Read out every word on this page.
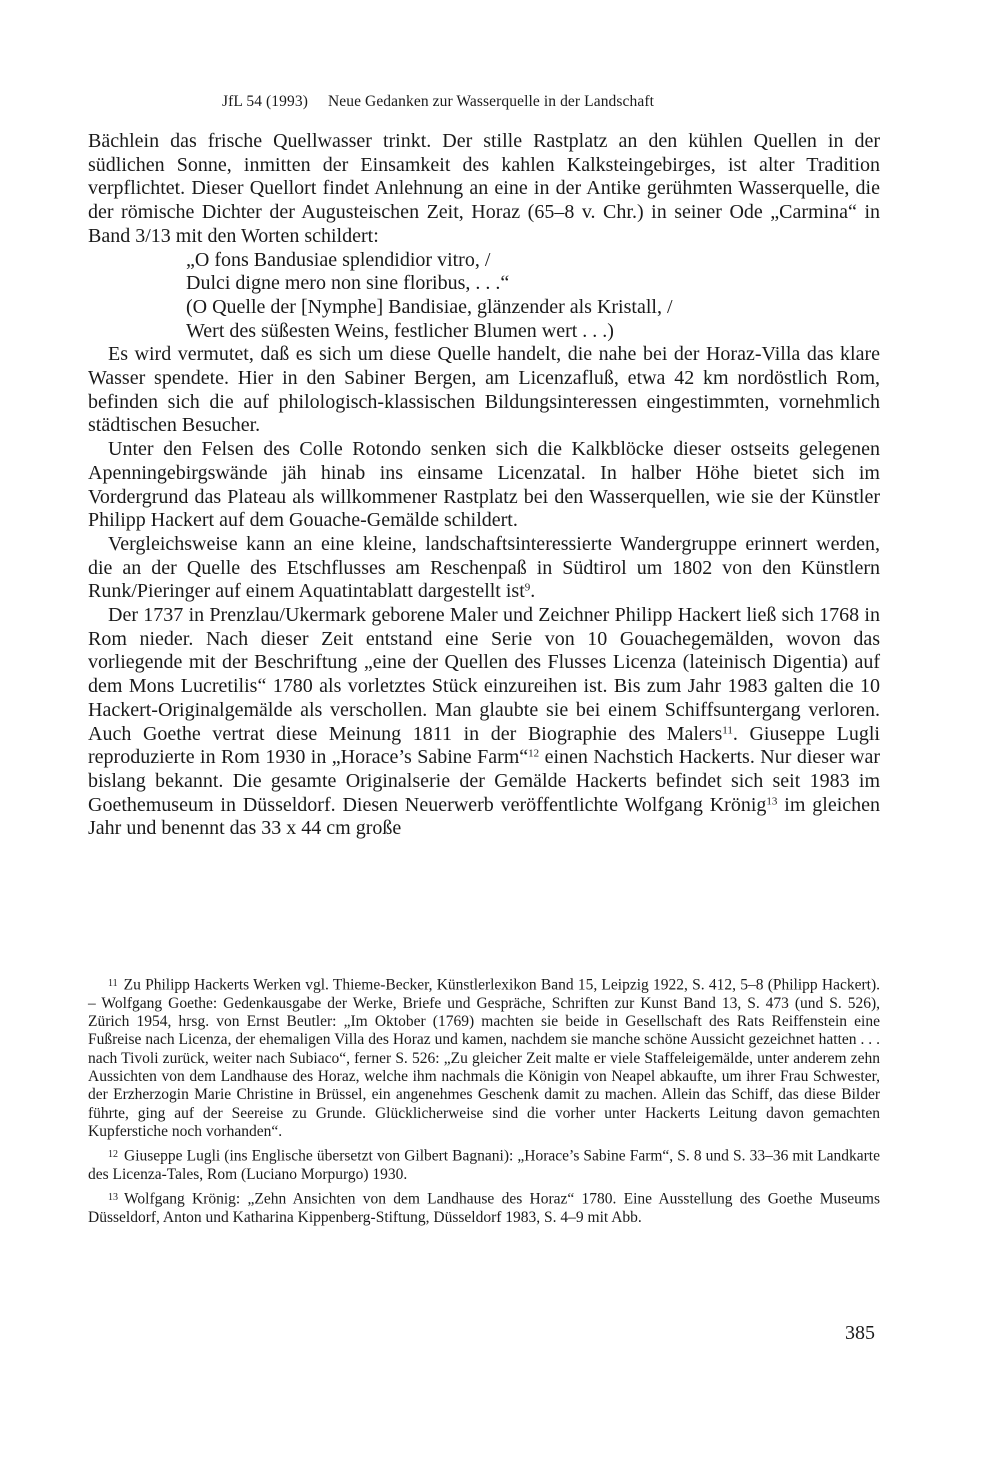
JfL 54 (1993) Neue Gedanken zur Wasserquelle in der Landschaft

Bächlein das frische Quellwasser trinkt. Der stille Rastplatz an den kühlen Quellen in der südlichen Sonne, inmitten der Einsamkeit des kahlen Kalksteingebirges, ist alter Tradition verpflichtet. Dieser Quellort findet Anlehnung an eine in der Antike gerühmten Wasserquelle, die der römische Dichter der Augusteischen Zeit, Horaz (65–8 v. Chr.) in seiner Ode „Carmina“ in Band 3/13 mit den Worten schildert:

„O fons Bandusiae splendidior vitro, /
Dulci digne mero non sine floribus, . . .“
(O Quelle der [Nymphe] Bandisiae, glänzender als Kristall, /
Wert des süßesten Weins, festlicher Blumen wert . . .)

Es wird vermutet, daß es sich um diese Quelle handelt, die nahe bei der Horaz-Villa das klare Wasser spendete. Hier in den Sabiner Bergen, am Licenzafluß, etwa 42 km nordöstlich Rom, befinden sich die auf philologisch-klassischen Bildungsinteressen eingestimmten, vornehmlich städtischen Besucher.

Unter den Felsen des Colle Rotondo senken sich die Kalkblöcke dieser ostseits gelegenen Apenningebirgswände jäh hinab ins einsame Licenzatal. In halber Höhe bietet sich im Vordergrund das Plateau als willkommener Rastplatz bei den Wasserquellen, wie sie der Künstler Philipp Hackert auf dem Gouache-Gemälde schildert.

Vergleichsweise kann an eine kleine, landschaftsinteressierte Wandergruppe erinnert werden, die an der Quelle des Etschflusses am Reschenpaß in Südtirol um 1802 von den Künstlern Runk/Pieringer auf einem Aquatintablatt dargestellt ist$^9$.

Der 1737 in Prenzlau/Ukermark geborene Maler und Zeichner Philipp Hackert ließ sich 1768 in Rom nieder. Nach dieser Zeit entstand eine Serie von 10 Gouachegemälden, wovon das vorliegende mit der Beschriftung „eine der Quellen des Flusses Licenza (lateinisch Digentia) auf dem Mons Lucretilis“ 1780 als vorletztes Stück einzureihen ist. Bis zum Jahr 1983 galten die 10 Hackert-Originalgemälde als verschollen. Man glaubte sie bei einem Schiffsuntergang verloren. Auch Goethe vertrat diese Meinung 1811 in der Biographie des Malers$^{11}$. Giuseppe Lugli reproduzierte in Rom 1930 in „Horace’s Sabine Farm“$^{12}$ einen Nachstich Hackerts. Nur dieser war bislang bekannt. Die gesamte Originalserie der Gemälde Hackerts befindet sich seit 1983 im Goethemuseum in Düsseldorf. Diesen Neuerwerb veröffentlichte Wolfgang Krönig$^{13}$ im gleichen Jahr und benennt das 33 x 44 cm große

$^{11}$ Zu Philipp Hackerts Werken vgl. Thieme-Becker, Künstlerlexikon Band 15, Leipzig 1922, S. 412, 5–8 (Philipp Hackert). – Wolfgang Goethe: Gedenkausgabe der Werke, Briefe und Gespräche, Schriften zur Kunst Band 13, S. 473 (und S. 526), Zürich 1954, hrsg. von Ernst Beutler: „Im Oktober (1769) machten sie beide in Gesellschaft des Rats Reiffenstein eine Fußreise nach Licenza, der ehemaligen Villa des Horaz und kamen, nachdem sie manche schöne Aussicht gezeichnet hatten . . . nach Tivoli zurück, weiter nach Subiaco“, ferner S. 526: „Zu gleicher Zeit malte er viele Staffeleigemälde, unter anderem zehn Aussichten von dem Landhause des Horaz, welche ihm nachmals die Königin von Neapel abkaufte, um ihrer Frau Schwester, der Erzherzogin Marie Christine in Brüssel, ein angenehmes Geschenk damit zu machen. Allein das Schiff, das diese Bilder führte, ging auf der Seereise zu Grunde. Glücklicherweise sind die vorher unter Hackerts Leitung davon gemachten Kupferstiche noch vorhanden“.

$^{12}$ Giuseppe Lugli (ins Englische übersetzt von Gilbert Bagnani): „Horace’s Sabine Farm“, S. 8 und S. 33–36 mit Landkarte des Licenza-Tales, Rom (Luciano Morpurgo) 1930.

$^{13}$ Wolfgang Krönig: „Zehn Ansichten von dem Landhause des Horaz“ 1780. Eine Ausstellung des Goethe Museums Düsseldorf, Anton und Katharina Kippenberg-Stiftung, Düsseldorf 1983, S. 4–9 mit Abb.

385
